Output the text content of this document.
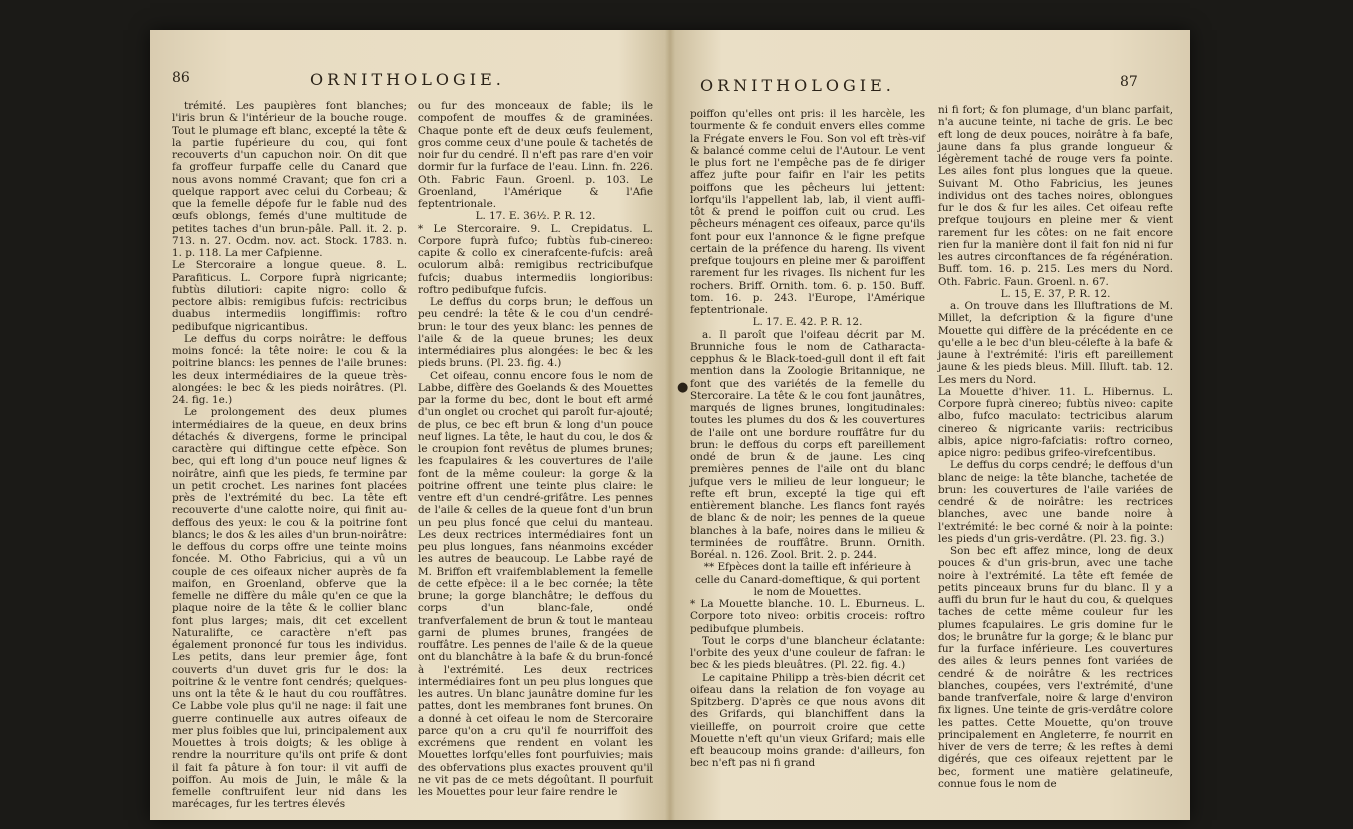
86	ORNITHOLOGIE.

trémité. Les paupières font blanches; l'iris brun & l'intérieur de la bouche rouge. Tout le plumage eft blanc, excepté la tête & la partie fupérieure du cou, qui font recouverts d'un capuchon noir. On dit que fa groffeur furpaffe celle du Canard que nous avons nommé Cravant; que fon cri a quelque rapport avec celui du Corbeau; & que la femelle dépofe fur le fable nud des œufs oblongs, femés d'une multitude de petites taches d'un brun-pâle. Pall. it. 2. p. 713. n. 27. Ocdm. nov. act. Stock. 1783. n. 1. p. 118. La mer Cafpienne.

Le Stercoraire a longue queue. 8. L. Parafiticus. L. Corpore fuprà nigricante; fubtùs dilutiori: capite nigro: collo & pectore albis: remigibus fufcis: rectricibus duabus intermediis longiffimis: roftro pedibufque nigricantibus.

Le deffus du corps noirâtre: le deffous moins foncé: la tête noire: le cou & la poitrine blancs: les pennes de l'aile brunes: les deux intermédiaires de la queue très-alongées: le bec & les pieds noirâtres. (Pl. 24. fig. 1e.)

Le prolongement des deux plumes intermédiaires de la queue, en deux brins détachés & divergens, forme le principal caractère qui diftingue cette efpèce. Son bec, qui eft long d'un pouce neuf lignes & noirâtre, ainfi que les pieds, fe termine par un petit crochet. Les narines font placées près de l'extrémité du bec. La tête eft recouverte d'une calotte noire, qui finit au-deffous des yeux: le cou & la poitrine font blancs; le dos & les ailes d'un brun-noirâtre: le deffous du corps offre une teinte moins foncée. M. Otho Fabricius, qui a vû un couple de ces oifeaux nicher auprès de fa maifon, en Groenland, obferve que la femelle ne diffère du mâle qu'en ce que la plaque noire de la tête & le collier blanc font plus larges; mais, dit cet excellent Naturalifte, ce caractère n'eft pas également prononcé fur tous les individus. Les petits, dans leur premier âge, font couverts d'un duvet gris fur le dos: la poitrine & le ventre font cendrés; quelques-uns ont la tête & le haut du cou rouffâtres. Ce Labbe vole plus qu'il ne nage: il fait une guerre continuelle aux autres oifeaux de mer plus foibles que lui, principalement aux Mouettes à trois doigts; & les oblige à rendre la nourriture qu'ils ont prife & dont il fait fa pâture à fon tour: il vit auffi de poiffon. Au mois de Juin, le mâle & la femelle conftruifent leur nid dans les marécages, fur les tertres élevés

ou fur des monceaux de fable; ils le compofent de mouffes & de graminées. Chaque ponte eft de deux œufs feulement, gros comme ceux d'une poule & tachetés de noir fur du cendré. Il n'eft pas rare d'en voir dormir fur la furface de l'eau. Linn. fn. 226. Oth. Fabric Faun. Groenl. p. 103. Le Groenland, l'Amérique & l'Afie feptentrionale.

L. 17. E. 36½. P. R. 12.

* Le Stercoraire. 9. L. Crepidatus. L. Corpore fuprà fufco; fubtùs fub-cinereo: capite & collo ex cinerafcente-fufcis: areâ oculorum albâ: remigibus rectricibufque fufcis; duabus intermediis longioribus: roftro pedibufque fufcis.

Le deffus du corps brun; le deffous un peu cendré: la tête & le cou d'un cendré-brun: le tour des yeux blanc: les pennes de l'aile & de la queue brunes; les deux intermédiaires plus alongées: le bec & les pieds bruns. (Pl. 23. fig. 4.)

Cet oifeau, connu encore fous le nom de Labbe, diffère des Goelands & des Mouettes par la forme du bec, dont le bout eft armé d'un onglet ou crochet qui paroît fur-ajouté; de plus, ce bec eft brun & long d'un pouce neuf lignes. La tête, le haut du cou, le dos & le croupion font revêtus de plumes brunes; les fcapulaires & les couvertures de l'aile font de la même couleur: la gorge & la poitrine offrent une teinte plus claire: le ventre eft d'un cendré-grifâtre. Les pennes de l'aile & celles de la queue font d'un brun un peu plus foncé que celui du manteau. Les deux rectrices intermédiaires font un peu plus longues, fans néanmoins excéder les autres de beaucoup. Le Labbe rayé de M. Briffon eft vraifemblablement la femelle de cette efpèce: il a le bec cornée; la tête brune; la gorge blanchâtre; le deffous du corps d'un blanc-fale, ondé tranfverfalement de brun & tout le manteau garni de plumes brunes, frangées de rouffâtre. Les pennes de l'aile & de la queue ont du blanchâtre à la bafe & du brun-foncé à l'extrémité. Les deux rectrices intermédiaires font un peu plus longues que les autres. Un blanc jaunâtre domine fur les pattes, dont les membranes font brunes. On a donné à cet oifeau le nom de Stercoraire parce qu'on a cru qu'il fe nourriffoit des excrémens que rendent en volant les Mouettes lorfqu'elles font pourfuivies; mais des obfervations plus exactes prouvent qu'il ne vit pas de ce mets dégoûtant. Il pourfuit les Mouettes pour leur faire rendre le

ORNITHOLOGIE.	87
●

poiffon qu'elles ont pris: il les harcèle, les tourmente & fe conduit envers elles comme la Frégate envers le Fou. Son vol eft très-vif & balancé comme celui de l'Autour. Le vent le plus fort ne l'empêche pas de fe diriger affez jufte pour faifir en l'air les petits poiffons que les pêcheurs lui jettent: lorfqu'ils l'appellent lab, lab, il vient auffi-tôt & prend le poiffon cuit ou crud. Les pêcheurs ménagent ces oifeaux, parce qu'ils font pour eux l'annonce & le figne prefque certain de la préfence du hareng. Ils vivent prefque toujours en pleine mer & paroiffent rarement fur les rivages. Ils nichent fur les rochers. Briff. Ornith. tom. 6. p. 150. Buff. tom. 16. p. 243. l'Europe, l'Amérique feptentrionale.

L. 17. E. 42. P. R. 12.

a. Il paroît que l'oifeau décrit par M. Brunniche fous le nom de Catharacta-cepphus & le Black-toed-gull dont il eft fait mention dans la Zoologie Britannique, ne font que des variétés de la femelle du Stercoraire. La tête & le cou font jaunâtres, marqués de lignes brunes, longitudinales: toutes les plumes du dos & les couvertures de l'aile ont une bordure rouffâtre fur du brun: le deffous du corps eft pareillement ondé de brun & de jaune. Les cinq premières pennes de l'aile ont du blanc jufque vers le milieu de leur longueur; le refte eft brun, excepté la tige qui eft entièrement blanche. Les flancs font rayés de blanc & de noir; les pennes de la queue blanches à la bafe, noires dans le milieu & terminées de rouffâtre. Brunn. Ornith. Boréal. n. 126. Zool. Brit. 2. p. 244.

** Efpèces dont la taille eft inférieure à celle du Canard-domeftique, & qui portent le nom de Mouettes.

* La Mouette blanche. 10. L. Eburneus. L. Corpore toto niveo: orbitis croceis: roftro pedibufque plumbeis.

Tout le corps d'une blancheur éclatante: l'orbite des yeux d'une couleur de fafran: le bec & les pieds bleuâtres. (Pl. 22. fig. 4.)

Le capitaine Philipp a très-bien décrit cet oifeau dans la relation de fon voyage au Spitzberg. D'après ce que nous avons dit des Grifards, qui blanchiffent dans la vieilleffe, on pourroit croire que cette Mouette n'eft qu'un vieux Grifard; mais elle eft beaucoup moins grande: d'ailleurs, fon bec n'eft pas ni fi grand

ni fi fort; & fon plumage, d'un blanc parfait, n'a aucune teinte, ni tache de gris. Le bec eft long de deux pouces, noirâtre à fa bafe, jaune dans fa plus grande longueur & légèrement taché de rouge vers fa pointe. Les ailes font plus longues que la queue. Suivant M. Otho Fabricius, les jeunes individus ont des taches noires, oblongues fur le dos & fur les ailes. Cet oifeau refte prefque toujours en pleine mer & vient rarement fur les côtes: on ne fait encore rien fur la manière dont il fait fon nid ni fur les autres circonftances de fa régénération. Buff. tom. 16. p. 215. Les mers du Nord. Oth. Fabric. Faun. Groenl. n. 67.

L. 15, E. 37, P. R. 12.

a. On trouve dans les Illuftrations de M. Millet, la defcription & la figure d'une Mouette qui diffère de la précédente en ce qu'elle a le bec d'un bleu-célefte à la bafe & jaune à l'extrémité: l'iris eft pareillement jaune & les pieds bleus. Mill. Illuft. tab. 12. Les mers du Nord.

La Mouette d'hiver. 11. L. Hibernus. L. Corpore fuprà cinereo; fubtùs niveo: capite albo, fufco maculato: tectricibus alarum cinereo & nigricante variis: rectricibus albis, apice nigro-fafciatis: roftro corneo, apice nigro: pedibus grifeo-virefcentibus.

Le deffus du corps cendré; le deffous d'un blanc de neige: la tête blanche, tachetée de brun: les couvertures de l'aile variées de cendré & de noirâtre: les rectrices blanches, avec une bande noire à l'extrémité: le bec corné & noir à la pointe: les pieds d'un gris-verdâtre. (Pl. 23. fig. 3.)

Son bec eft affez mince, long de deux pouces & d'un gris-brun, avec une tache noire à l'extrémité. La tête eft femée de petits pinceaux bruns fur du blanc. Il y a auffi du brun fur le haut du cou, & quelques taches de cette même couleur fur les plumes fcapulaires. Le gris domine fur le dos; le brunâtre fur la gorge; & le blanc pur fur la furface inférieure. Les couvertures des ailes & leurs pennes font variées de cendré & de noirâtre & les rectrices blanches, coupées, vers l'extrémité, d'une bande tranfverfale, noire & large d'environ fix lignes. Une teinte de gris-verdâtre colore les pattes. Cette Mouette, qu'on trouve principalement en Angleterre, fe nourrit en hiver de vers de terre; & les reftes à demi digérés, que ces oifeaux rejettent par le bec, forment une matière gelatineufe, connue fous le nom de
